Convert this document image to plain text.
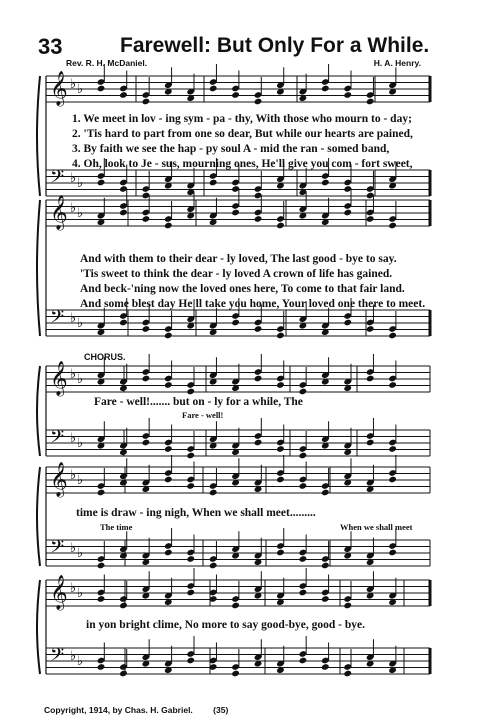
33	Farewell: But Only For a While.
Rev. R. H. McDaniel.	H. A. Henry.
𝄞 ♭ ♭
𝄢 ♭ ♭
𝄞 ♭ ♭
𝄢 ♭ ♭
𝄞 ♭ ♭
𝄢 ♭ ♭
𝄞 ♭ ♭
𝄢 ♭ ♭
𝄞 ♭ ♭
𝄢 ♭ ♭
1. We meet in lov - ing sym - pa - thy, With those who mourn to - day;
2. 'Tis hard to part from one so dear, But while our hearts are pained,
3. By faith we see the hap - py soul A - mid the ran - somed band,
4. Oh, look to Je - sus, mourning ones, He'll give you com - fort sweet,
And with them to their dear - ly loved, The last good - bye to say.
'Tis sweet to think the dear - ly loved A crown of life has gained.
And beck-'ning now the loved ones here, To come to that fair land.
And some blest day He'll take you home, Your loved one there to meet.
CHORUS.
Fare - well!....... but on - ly for a while, The
Fare - well!
time is draw - ing nigh, When we shall meet.........
The time	When we shall meet
in yon bright clime, No more to say good-bye, good - bye.
Copyright, 1914, by Chas. H. Gabriel. (35)
